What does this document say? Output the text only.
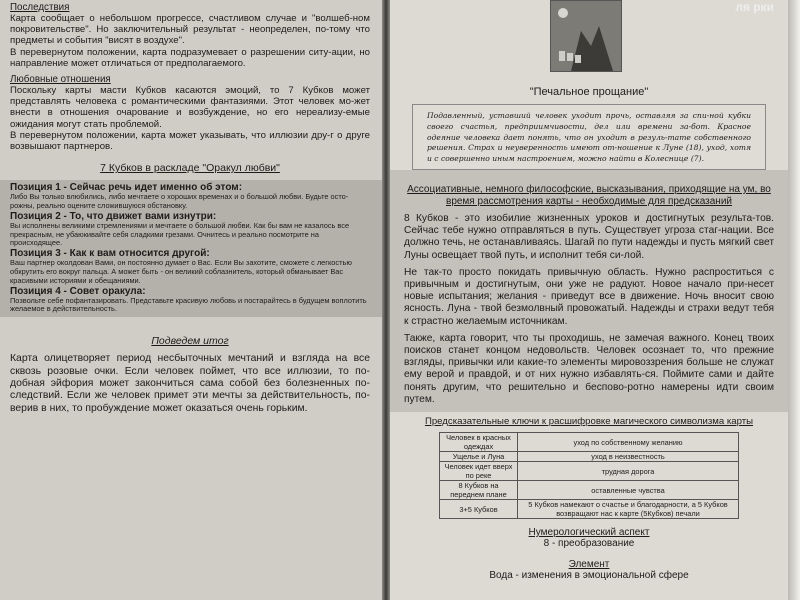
Последствия

Карта сообщает о небольшом прогрессе, счастливом случае и "волшеб-ном покровительстве". Но заключительный результат - неопределен, по-тому что предметы и события "висят в воздухе".

В перевернутом положении, карта подразумевает о разрешении ситу-ации, но направление может отличаться от предполагаемого.

Любовные отношения

Поскольку карты масти Кубков касаются эмоций, то 7 Кубков может представлять человека с романтическими фантазиями. Этот человек мо-жет внести в отношения очарование и возбуждение, но его нереализу-емые ожидания могут стать проблемой.

В перевернутом положении, карта может указывать, что иллюзии дру-г о друге возвышают партнеров.

7 Кубков в раскладе "Оракул любви"
Позиция 1 - Сейчас речь идет именно об этом:
Либо Вы только влюбились, либо мечтаете о хороших временах и о большой любви. Будьте осто-рожны, реально оцените сложившуюся обстановку.
Позиция 2 - То, что движет вами изнутри:
Вы исполнены великими стремлениями и мечтаете о большой любви. Как бы вам не казалось все прекрасным, не убаюкивайте себя сладкими грезами. Очнитесь и реально посмотрите на происходящее.
Позиция 3 - Как к вам относится другой:
Ваш партнер околдован Вами, он постоянно думает о Вас. Если Вы захотите, сможете с легкостью обкрутить его вокруг пальца. А может быть - он великий соблазнитель, который обманывает Вас красивыми историями и обещаниями.
Позиция 4 - Совет оракула:
Позвольте себе пофантазировать. Представьте красивую любовь и постарайтесь в будущем воплотить желаемое в действительность.
Подведем итог

Карта олицетворяет период несбыточных мечтаний и взгляда на все сквозь розовые очки. Если человек поймет, что все иллюзии, то по-добная эйфория может закончиться сама собой без болезненных по-следствий. Если же человек примет эти мечты за действительность, по-верив в них, то пробуждение может оказаться очень горьким.

ля рки
"Печальное прощание"

Подавленный, уставший человек уходит прочь, оставляя за спи-ной кубки своего счастья, предприимчивости, дел или времени за-бот. Красное одеяние человека дает понять, что он уходит в резуль-тате собственного решения. Страх и неуверенность имеют от-ношение к Луне (18), уход, хотя и с совершенно иным настроением, можно найти в Колеснице (7).

Ассоциативные, немного философские, высказывания, приходящие на ум, во время рассмотрения карты - необходимые для предсказаний

8 Кубков - это изобилие жизненных уроков и достигнутых результа-тов. Сейчас тебе нужно отправляться в путь. Существует угроза стаг-нации. Все должно течь, не останавливаясь. Шагай по пути надежды и пусть мягкий свет Луны освещает твой путь, и исполнит тебя си-лой.

Не так-то просто покидать привычную область. Нужно распроститься с привычным и достигнутым, они уже не радуют. Новое начало при-несет новые испытания; желания - приведут все в движение. Ночь вносит свою ясность. Луна - твой безмолвный провожатый. Надежды и страхи ведут тебя к страстно желаемым источникам.

Также, карта говорит, что ты проходишь, не замечая важного. Конец твоих поисков станет концом недовольств. Человек осознает то, что прежние взгляды, привычки или какие-то элементы мировоззрения больше не служат ему верой и правдой, и от них нужно избавлять-ся. Поймите сами и дайте понять другим, что решительно и беспово-ротно намерены идти своим путем.

Предсказательные ключи к расшифровке магического символизма карты
Человек в красных одеждах	уход по собственному желанию
Ущелье и Луна	уход в неизвестность
Человек идет вверх по реке	трудная дорога
8 Кубков на переднем плане	оставленные чувства
3+5 Кубков	5 Кубков намекают о счастье и благодарности, а 5 Кубков возвращают нас к карте (5Кубков) печали
Нумерологический аспект
8 - преобразование
Элемент
Вода - изменения в эмоциональной сфере
